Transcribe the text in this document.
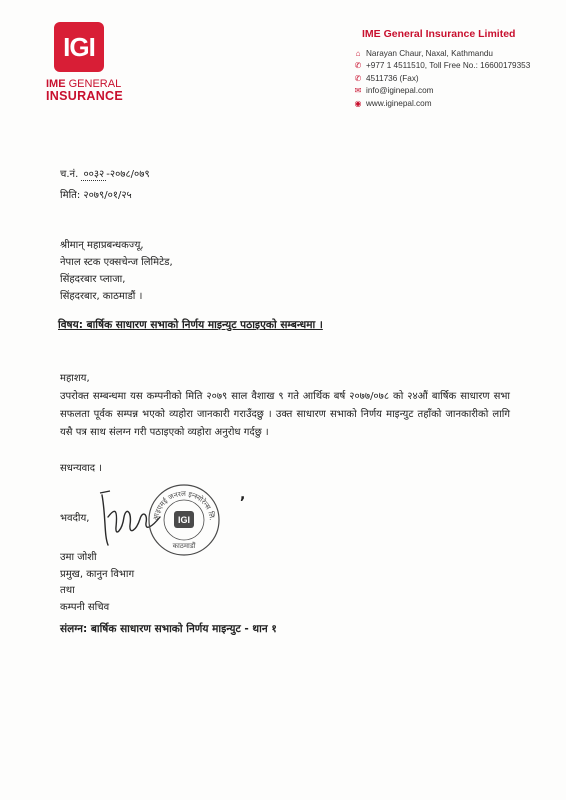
IGI
IME GENERAL
INSURANCE
IME General Insurance Limited
⌂ Narayan Chaur, Naxal, Kathmandu
✆ +977 1 4511510, Toll Free No.: 16600179353
✆ 4511736 (Fax)
✉ info@iginepal.com
◉ www.iginepal.com
च.नं. ००३२ -२०७८/०७९
मिति: २०७९/०१/२५
श्रीमान् महाप्रबन्धकज्यू,
नेपाल स्टक एक्सचेन्ज लिमिटेड,
सिंहदरबार प्लाजा,
सिंहदरबार, काठमाडौं ।
विषय: बार्षिक साधारण सभाको निर्णय माइन्युट पठाइएको सम्बन्धमा ।
महाशय,
उपरोक्त सम्बन्धमा यस कम्पनीको मिति २०७९ साल वैशाख ९ गते आर्थिक बर्ष २०७७/०७८ को २४औं बार्षिक साधारण सभा सफलता पूर्वक सम्पन्न भएको व्यहोरा जानकारी गराउँदछु । उक्त साधारण सभाको निर्णय माइन्युट तहाँको जानकारीको लागि यसै पत्र साथ संलग्न गरी पठाइएको व्यहोरा अनुरोध गर्दछु ।
सधन्यवाद ।
भवदीय,	आइएमई जनरल इन्स्योरेन्स लि.
IGI
काठमाडौं
,
उमा जोशी
प्रमुख, कानुन विभाग
तथा
कम्पनी सचिव
संलग्न: बार्षिक साधारण सभाको निर्णय माइन्युट - थान १
